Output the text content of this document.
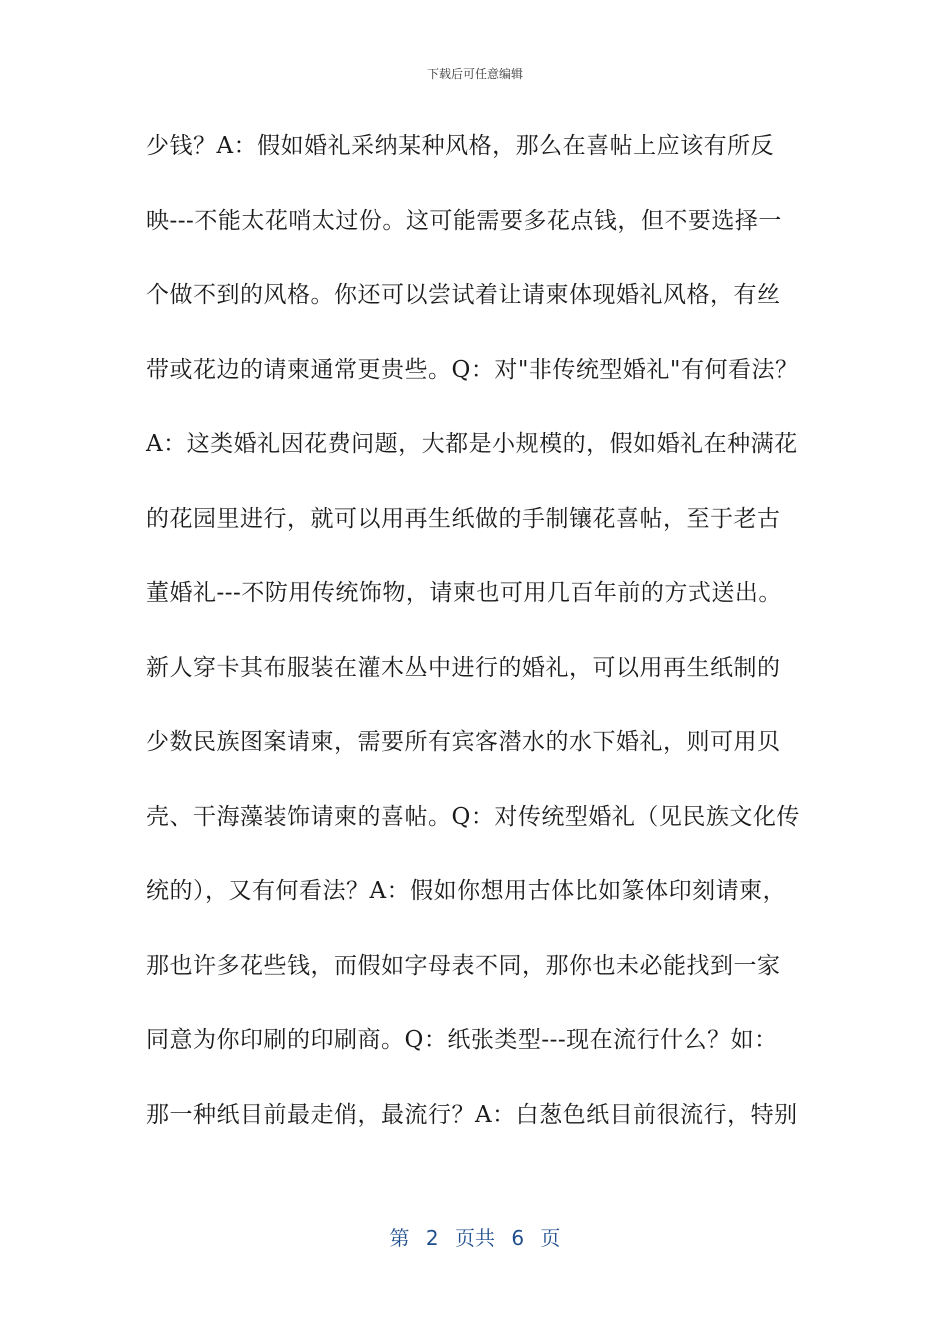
下载后可任意编辑
少钱？A：假如婚礼采纳某种风格，那么在喜帖上应该有所反
映---不能太花哨太过份。这可能需要多花点钱，但不要选择一
个做不到的风格。你还可以尝试着让请柬体现婚礼风格，有丝
带或花边的请柬通常更贵些。Q：对"非传统型婚礼"有何看法？
A：这类婚礼因花费问题，大都是小规模的，假如婚礼在种满花
的花园里进行，就可以用再生纸做的手制镶花喜帖，至于老古
董婚礼---不防用传统饰物，请柬也可用几百年前的方式送出。
新人穿卡其布服装在灌木丛中进行的婚礼，可以用再生纸制的
少数民族图案请柬，需要所有宾客潜水的水下婚礼，则可用贝
壳、干海藻装饰请柬的喜帖。Q：对传统型婚礼（见民族文化传
统的），又有何看法？A：假如你想用古体比如篆体印刻请柬，
那也许多花些钱，而假如字母表不同，那你也未必能找到一家
同意为你印刷的印刷商。Q：纸张类型---现在流行什么？如：
那一种纸目前最走俏，最流行？A：白葱色纸目前很流行，特别
第 2 页共 6 页
